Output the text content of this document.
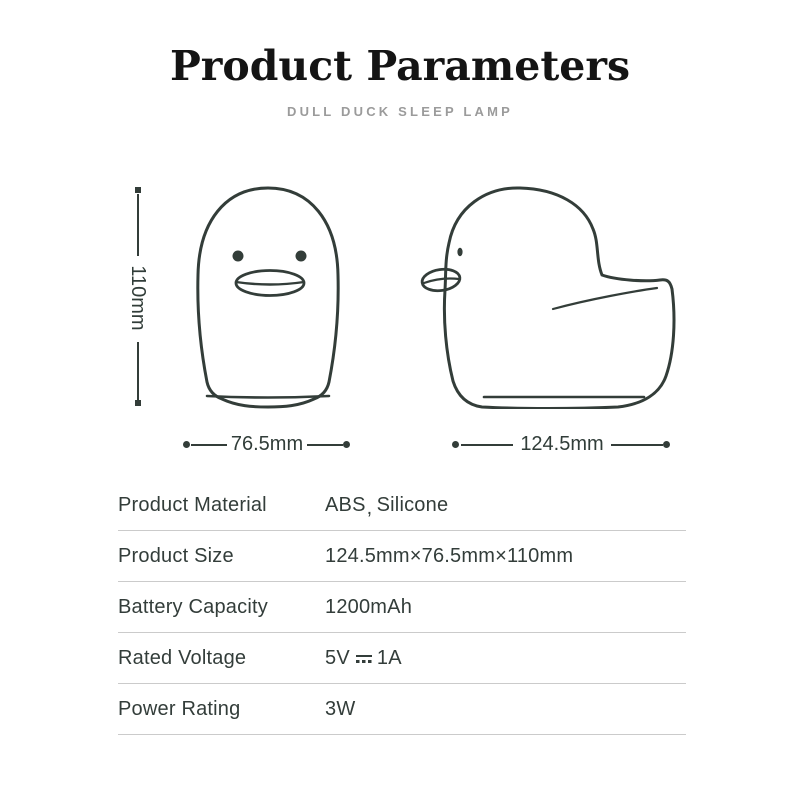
Product Parameters
DULL DUCK SLEEP LAMP
110mm
76.5mm	124.5mm
Product Material	ABS Silicone
Product Size	124.5mm×76.5mm×110mm
Battery Capacity	1200mAh
Rated Voltage	5V 1A
Power Rating	3W
